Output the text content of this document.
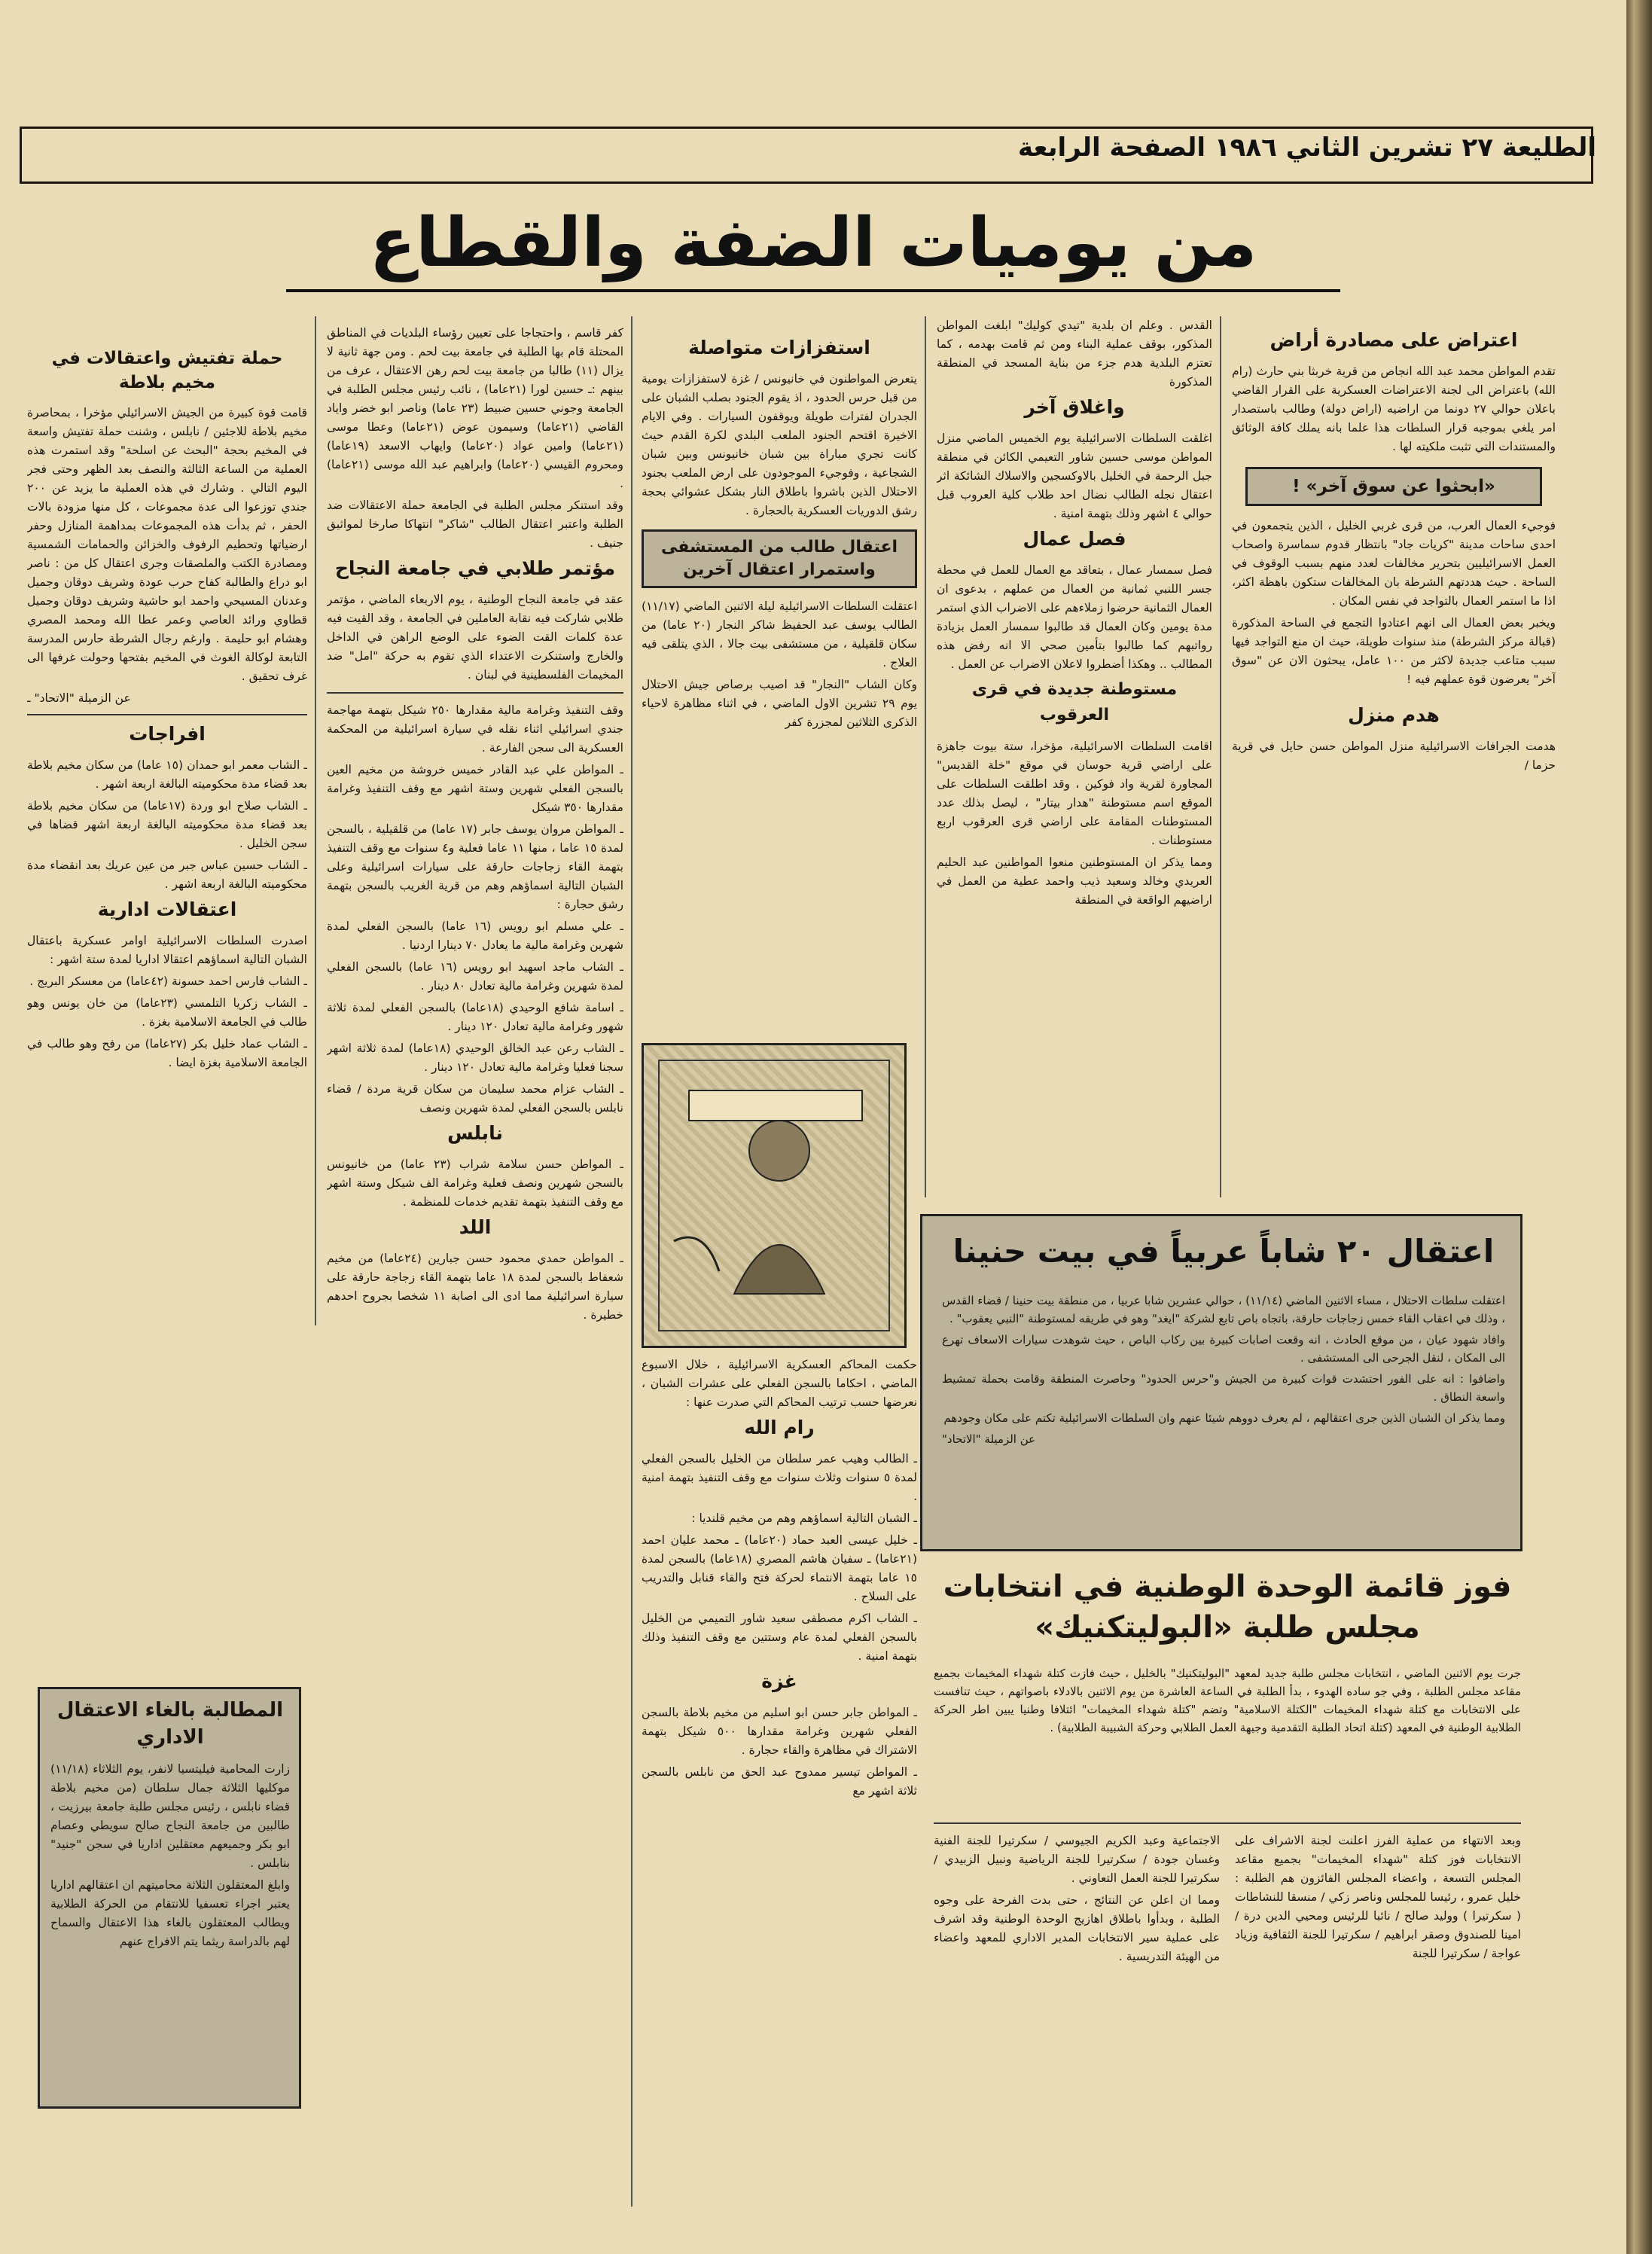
الطليعة ٢٧ تشرين الثاني ١٩٨٦ الصفحة الرابعة
من يوميات الضفة والقطاع
اعتراض على مصادرة أراض

تقدم المواطن محمد عبد الله انجاص من قرية خربثا بني حارث (رام الله) باعتراض الى لجنة الاعتراضات العسكرية على القرار القاضي باعلان حوالي ٢٧ دونما من اراضيه (اراض دولة) وطالب باستصدار امر يلغي بموجبه قرار السلطات هذا علما بانه يملك كافة الوثائق والمستندات التي تثبت ملكيته لها .

«ابحثوا عن سوق آخر» !

فوجيء العمال العرب، من قرى غربي الخليل ، الذين يتجمعون في احدى ساحات مدينة "كريات جاد" بانتظار قدوم سماسرة واصحاب العمل الاسرائيليين بتحرير مخالفات لعدد منهم بسبب الوقوف في الساحة . حيث هددتهم الشرطة بان المخالفات ستكون باهظة اكثر، اذا ما استمر العمال بالتواجد في نفس المكان .

ويخبر بعض العمال الى انهم اعتادوا التجمع في الساحة المذكورة (قبالة مركز الشرطة) منذ سنوات طويلة، حيث ان منع التواجد فيها سبب متاعب جديدة لاكثر من ١٠٠ عامل، يبحثون الان عن "سوق آخر" يعرضون قوة عملهم فيه !

هدم منزل

هدمت الجرافات الاسرائيلية منزل المواطن حسن حايل في قرية حزما /

القدس . وعلم ان بلدية "تيدي كوليك" ابلغت المواطن المذكور، بوقف عملية البناء ومن ثم قامت بهدمه ، كما تعتزم البلدية هدم جزء من بناية المسجد في المنطقة المذكورة

واغلاق آخر

اغلقت السلطات الاسرائيلية يوم الخميس الماضي منزل المواطن موسى حسين شاور التعيمي الكائن في منطقة جبل الرحمة في الخليل بالاوكسجين والاسلاك الشائكة اثر اعتقال نجله الطالب نضال احد طلاب كلية العروب قبل حوالي ٤ اشهر وذلك بتهمة امنية .

فصل عمال

فصل سمسار عمال ، بتعاقد مع العمال للعمل في محطة جسر اللنبي ثمانية من العمال من عملهم ، بدعوى ان العمال الثمانية حرضوا زملاءهم على الاضراب الذي استمر مدة يومين وكان العمال قد طالبوا سمسار العمل بزيادة رواتبهم كما طالبوا بتأمين صحي الا انه رفض هذه المطالب .. وهكذا أضطروا لاعلان الاضراب عن العمل .

مستوطنة جديدة في قرى العرقوب

اقامت السلطات الاسرائيلية، مؤخرا، ستة بيوت جاهزة على اراضي قرية حوسان في موقع "خلة القديس" المجاورة لقرية واد فوكين ، وقد اطلقت السلطات على الموقع اسم مستوطنة "هدار بيتار" ، ليصل بذلك عدد المستوطنات المقامة على اراضي قرى العرقوب اربع مستوطنات .

ومما يذكر ان المستوطنين منعوا المواطنين عبد الحليم العريدي وخالد وسعيد ذيب واحمد عطية من العمل في اراضيهم الواقعة في المنطقة

استفزازات متواصلة

يتعرض المواطنون في خانيونس / غزة لاستفزازات يومية من قبل حرس الحدود ، اذ يقوم الجنود بصلب الشبان على الجدران لفترات طويلة ويوقفون السيارات . وفي الايام الاخيرة اقتحم الجنود الملعب البلدي لكرة القدم حيث كانت تجري مباراة بين شبان خانيونس وبين شبان الشجاعية ، وفوجيء الموجودون على ارض الملعب بجنود الاحتلال الذين باشروا باطلاق النار بشكل عشوائي بحجة رشق الدوريات العسكرية بالحجارة .

اعتقال طالب من المستشفى واستمرار اعتقال آخرين

اعتقلت السلطات الاسرائيلية ليلة الاثنين الماضي (١١/١٧) الطالب يوسف عبد الحفيظ شاكر النجار (٢٠ عاما) من سكان قلقيلية ، من مستشفى بيت جالا ، الذي يتلقى فيه العلاج .

وكان الشاب "النجار" قد اصيب برصاص جيش الاحتلال يوم ٢٩ تشرين الاول الماضي ، في اثناء مظاهرة لاحياء الذكرى الثلاثين لمجزرة كفر

حكمت المحاكم العسكرية الاسرائيلية ، خلال الاسبوع الماضي ، احكاما بالسجن الفعلي على عشرات الشبان ، نعرضها حسب ترتيب المحاكم التي صدرت عنها :

رام الله

ـ الطالب وهيب عمر سلطان من الخليل بالسجن الفعلي لمدة ٥ سنوات وثلاث سنوات مع وقف التنفيذ بتهمة امنية .

ـ الشبان التالية اسماؤهم وهم من مخيم قلنديا :

ـ خليل عيسى العبد حماد (٢٠عاما) ـ محمد عليان احمد (٢١عاما) ـ سفيان هاشم المصري (١٨عاما) بالسجن لمدة ١٥ عاما بتهمة الانتماء لحركة فتح والقاء قنابل والتدريب على السلاح .

ـ الشاب اكرم مصطفى سعيد شاور التميمي من الخليل بالسجن الفعلي لمدة عام وستتين مع وقف التنفيذ وذلك بتهمة امنية .

غزة

ـ المواطن جابر حسن ابو اسليم من مخيم بلاطة بالسجن الفعلي شهرين وغرامة مقدارها ٥٠٠ شيكل بتهمة الاشتراك في مظاهرة والقاء حجارة .

ـ المواطن تيسير ممدوح عبد الحق من نابلس بالسجن ثلاثة اشهر مع

كفر قاسم ، واحتجاجا على تعيين رؤساء البلديات في المناطق المحتلة قام بها الطلبة في جامعة بيت لحم . ومن جهة ثانية لا يزال (١١) طالبا من جامعة بيت لحم رهن الاعتقال ، عرف من بينهم :ـ حسين لورا (٢١عاما) ، نائب رئيس مجلس الطلبة في الجامعة وجوني حسين ضبيط (٢٣ عاما) وناصر ابو خضر واياد القاضي (٢١عاما) وسيمون عوض (٢١عاما) وعطا موسى (٢١عاما) وامين عواد (٢٠عاما) وايهاب الاسعد (١٩عاما) ومحروم القيسي (٢٠عاما) وابراهيم عبد الله موسى (٢١عاما) .

وقد استنكر مجلس الطلبة في الجامعة حملة الاعتقالات ضد الطلبة واعتبر اعتقال الطالب "شاكر" انتهاكا صارخا لمواثيق جنيف .

مؤتمر طلابي في جامعة النجاح

عقد في جامعة النجاح الوطنية ، يوم الاربعاء الماضي ، مؤتمر طلابي شاركت فيه نقابة العاملين في الجامعة ، وقد القيت فيه عدة كلمات القت الضوء على الوضع الراهن في الداخل والخارج واستنكرت الاعتداء الذي تقوم به حركة "امل" ضد المخيمات الفلسطينية في لبنان .

وقف التنفيذ وغرامة مالية مقدارها ٢٥٠ شيكل بتهمة مهاجمة جندي اسرائيلي اثناء نقله في سيارة اسرائيلية من المحكمة العسكرية الى سجن الفارعة .

ـ المواطن علي عبد القادر خميس خروشة من مخيم العين بالسجن الفعلي شهرين وستة اشهر مع وقف التنفيذ وغرامة مقدارها ٣٥٠ شيكل

ـ المواطن مروان يوسف جابر (١٧ عاما) من قلقيلية ، بالسجن لمدة ١٥ عاما ، منها ١١ عاما فعلية و٤ سنوات مع وقف التنفيذ بتهمة القاء زجاجات حارقة على سيارات اسرائيلية وعلى الشبان التالية اسماؤهم وهم من قرية الغريب بالسجن بتهمة رشق حجارة :

ـ علي مسلم ابو رويس (١٦ عاما) بالسجن الفعلي لمدة شهرين وغرامة مالية ما يعادل ٧٠ دينارا اردنيا .

ـ الشاب ماجد اسهيد ابو رويس (١٦ عاما) بالسجن الفعلي لمدة شهرين وغرامة مالية تعادل ٨٠ دينار .

ـ اسامة شافع الوحيدي (١٨عاما) بالسجن الفعلي لمدة ثلاثة شهور وغرامة مالية تعادل ١٢٠ دينار .

ـ الشاب رعن عبد الخالق الوحيدي (١٨عاما) لمدة ثلاثة اشهر سجنا فعليا وغرامة مالية تعادل ١٢٠ دينار .

ـ الشاب عزام محمد سليمان من سكان قرية مردة / قضاء نابلس بالسجن الفعلي لمدة شهرين ونصف

نابلس

ـ المواطن حسن سلامة شراب (٢٣ عاما) من خانيونس بالسجن شهرين ونصف فعلية وغرامة الف شيكل وستة اشهر مع وقف التنفيذ بتهمة تقديم خدمات للمنظمة .

اللد

ـ المواطن حمدي محمود حسن جبارين (٢٤عاما) من مخيم شعفاط بالسجن لمدة ١٨ عاما بتهمة القاء زجاجة حارقة على سيارة اسرائيلية مما ادى الى اصابة ١١ شخصا بجروح احدهم خطيرة .

حملة تفتيش واعتقالات في مخيم بلاطة

قامت قوة كبيرة من الجيش الاسرائيلي مؤخرا ، بمحاصرة مخيم بلاطة للاجئين / نابلس ، وشنت حملة تفتيش واسعة في المخيم بحجة "البحث عن اسلحة" وقد استمرت هذه العملية من الساعة الثالثة والنصف بعد الظهر وحتى فجر اليوم التالي . وشارك في هذه العملية ما يزيد عن ٢٠٠ جندي توزعوا الى عدة مجموعات ، كل منها مزودة بالات الحفر ، ثم بدأت هذه المجموعات بمداهمة المنازل وحفر ارضياتها وتحطيم الرفوف والخزائن والحمامات الشمسية ومصادرة الكتب والملصقات وجرى اعتقال كل من : ناصر ابو دراع والطالبة كفاح حرب عودة وشريف دوقان وجميل وعدنان المسيحي واحمد ابو حاشية وشريف دوقان وجميل قطاوي ورائد العاصي وعمر عطا الله ومحمد المصري وهشام ابو حليمة . وارغم رجال الشرطة حارس المدرسة التابعة لوكالة الغوث في المخيم بفتحها وحولت غرفها الى غرف تحقيق .

عن الزميلة "الاتحاد" ـ

افراجات

ـ الشاب معمر ابو حمدان (١٥ عاما) من سكان مخيم بلاطة بعد قضاء مدة محكوميته البالغة اربعة اشهر .

ـ الشاب صلاح ابو وردة (١٧عاما) من سكان مخيم بلاطة بعد قضاء مدة محكوميته البالغة اربعة اشهر قضاها في سجن الخليل .

ـ الشاب حسين عباس جبر من عين عريك بعد انقضاء مدة محكوميته البالغة اربعة اشهر .

اعتقالات ادارية

اصدرت السلطات الاسرائيلية اوامر عسكرية باعتقال الشبان التالية اسماؤهم اعتقالا اداريا لمدة ستة اشهر :

ـ الشاب فارس احمد حسونة (٤٢عاما) من معسكر البريج .

ـ الشاب زكريا التلمسي (٢٣عاما) من خان يونس وهو طالب في الجامعة الاسلامية بغزة .

ـ الشاب عماد خليل بكر (٢٧عاما) من رفح وهو طالب في الجامعة الاسلامية بغزة ايضا .

المطالبة بالغاء الاعتقال الاداري

زارت المحامية فيليتسيا لانفر، يوم الثلاثاء (١١/١٨) موكليها الثلاثة جمال سلطان (من مخيم بلاطة قضاء نابلس ، رئيس مجلس طلبة جامعة بيرزيت ، طالبين من جامعة النجاح صالح سويطي وعصام ابو بكر وجميعهم معتقلين اداريا في سجن "جنيد" بنابلس .

وابلغ المعتقلون الثلاثة محاميتهم ان اعتقالهم اداريا يعتبر اجراء تعسفيا للانتقام من الحركة الطلابية ويطالب المعتقلون بالغاء هذا الاعتقال والسماح لهم بالدراسة ريثما يتم الافراج عنهم

اعتقال ٢٠ شاباً عربياً في بيت حنينا

اعتقلت سلطات الاحتلال ، مساء الاثنين الماضي (١١/١٤) ، حوالي عشرين شابا عربيا ، من منطقة بيت حنينا / قضاء القدس ، وذلك في اعقاب القاء خمس زجاجات حارقة، باتجاه باص تابع لشركة "ايغد" وهو في طريقه لمستوطنة "النبي يعقوب" .

وافاد شهود عيان ، من موقع الحادث ، انه وقعت اصابات كبيرة بين ركاب الباص ، حيث شوهدت سيارات الاسعاف تهرع الى المكان ، لنقل الجرحى الى المستشفى .

واضافوا : انه على الفور احتشدت قوات كبيرة من الجيش و"حرس الحدود" وحاصرت المنطقة وقامت بحملة تمشيط واسعة النطاق .

ومما يذكر ان الشبان الذين جرى اعتقالهم ، لم يعرف دووهم شيئا عنهم وان السلطات الاسرائيلية تكتم على مكان وجودهم

عن الزميلة "الاتحاد"

فوز قائمة الوحدة الوطنية في انتخابات مجلس طلبة «البوليتكنيك»

جرت يوم الاثنين الماضي ، انتخابات مجلس طلبة جديد لمعهد "البوليتكنيك" بالخليل ، حيث فازت كتلة شهداء المخيمات بجميع مقاعد مجلس الطلبة ، وفي جو ساده الهدوء ، بدأ الطلبة في الساعة العاشرة من يوم الاثنين بالادلاء باصواتهم ، حيث تنافست على الانتخابات مع كتلة شهداء المخيمات "الكتلة الاسلامية" وتضم "كتلة شهداء المخيمات" ائتلافا وطنيا يبين اطر الحركة الطلابية الوطنية في المعهد (كتلة اتحاد الطلبة التقدمية وجبهة العمل الطلابي وحركة الشبيبة الطلابية) .

وبعد الانتهاء من عملية الفرز اعلنت لجنة الاشراف على الانتخابات فوز كتلة "شهداء المخيمات" بجميع مقاعد المجلس التسعة ، واعضاء المجلس الفائزون هم الطلبة : خليل عمرو ، رئيسا للمجلس وناصر زكي / منسقا للنشاطات ( سكرتيرا ) ووليد صالح / نائبا للرئيس ومحيي الدين درة / امينا للصندوق وصقر ابراهيم / سكرتيرا للجنة الثقافية وزياد عواجة / سكرتيرا للجنة

الاجتماعية وعبد الكريم الجيوسي / سكرتيرا للجنة الفنية وغسان جودة / سكرتيرا للجنة الرياضية ونبيل الزبيدي / سكرتيرا للجنة العمل التعاوني .

ومما ان اعلن عن النتائج ، حتى بدت الفرحة على وجوه الطلبة ، وبدأوا باطلاق اهازيج الوحدة الوطنية وقد اشرف على عملية سير الانتخابات المدير الاداري للمعهد واعضاء من الهيئة التدريسية .
